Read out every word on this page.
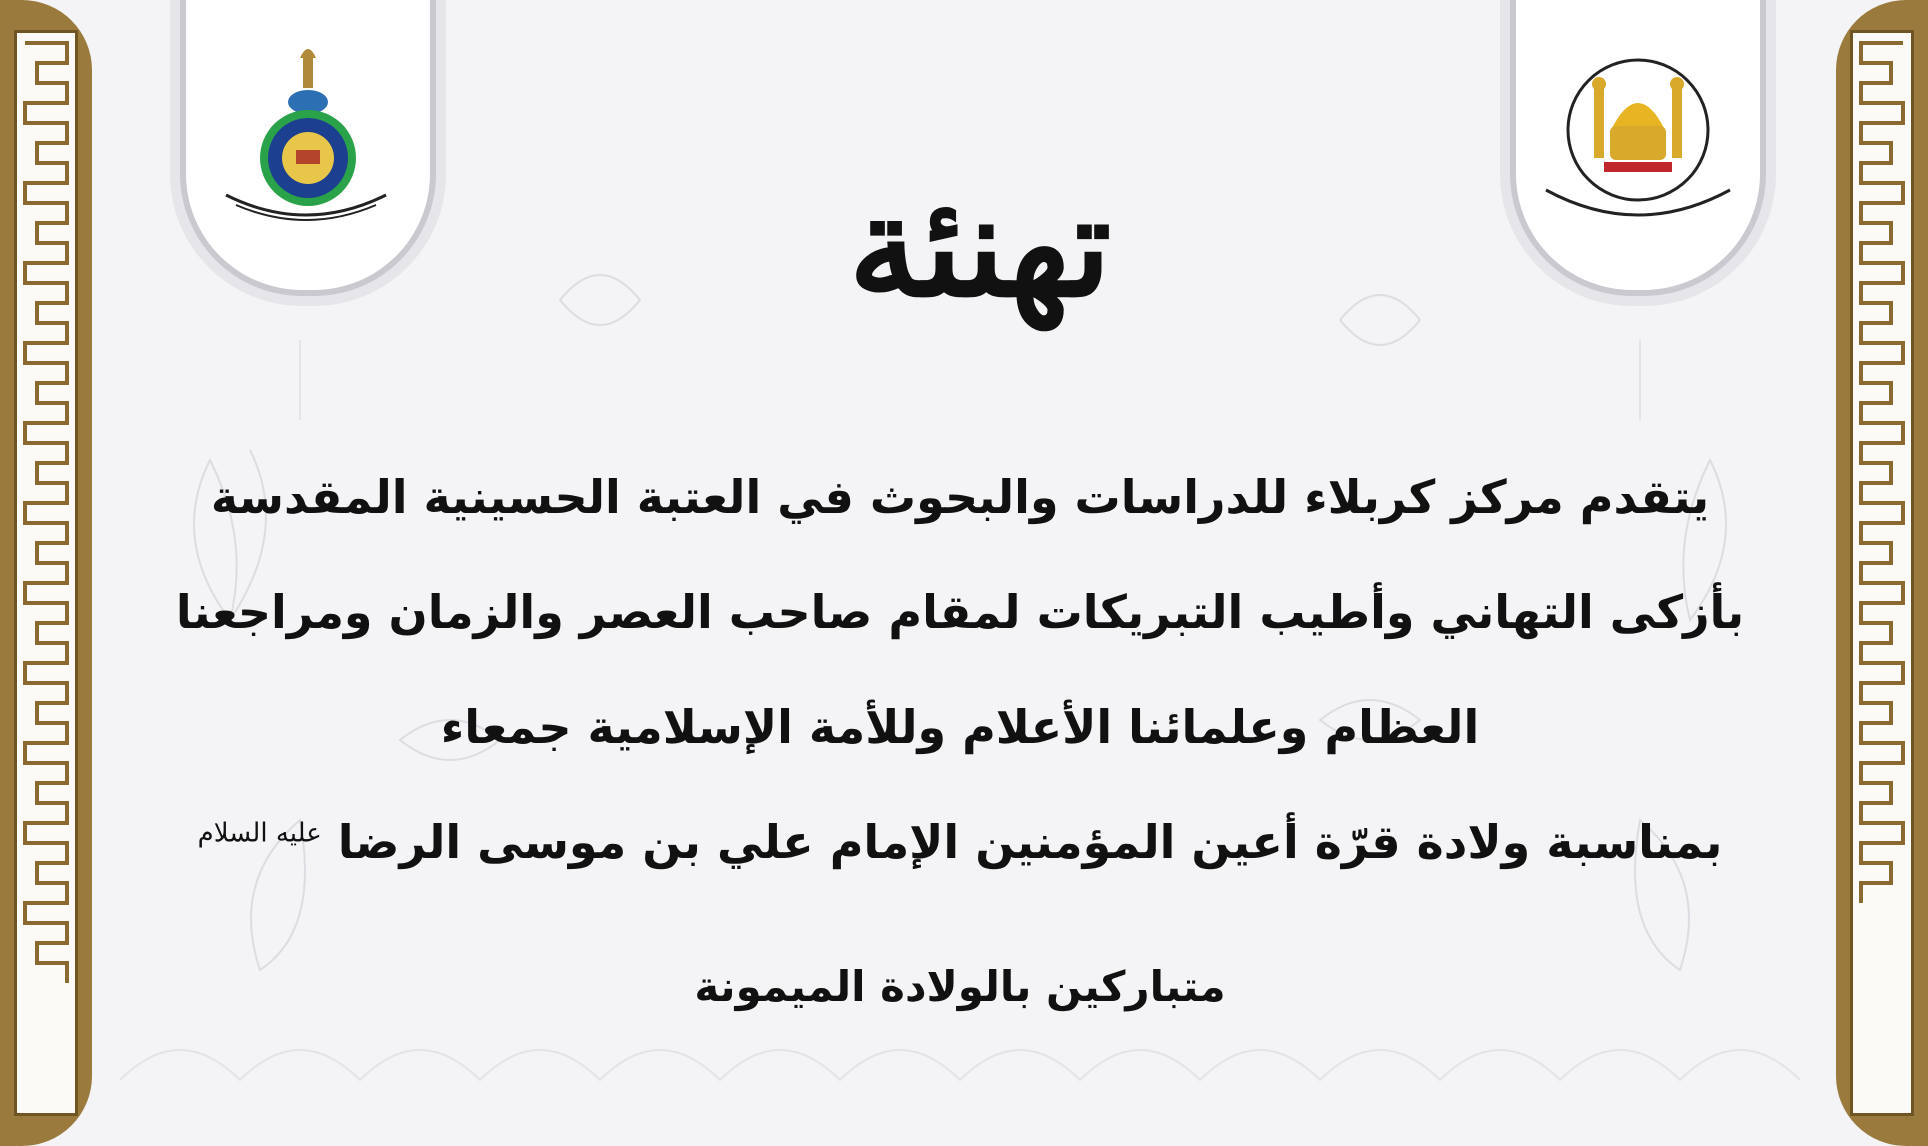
تهنئة
يتقدم مركز كربلاء للدراسات والبحوث في العتبة الحسينية المقدسة
بأزكى التهاني وأطيب التبريكات لمقام صاحب العصر والزمان ومراجعنا
العظام وعلمائنا الأعلام وللأمة الإسلامية جمعاء
بمناسبة ولادة قرّة أعين المؤمنين الإمام علي بن موسى الرضا $^{عليه السلام}$
متباركين بالولادة الميمونة
